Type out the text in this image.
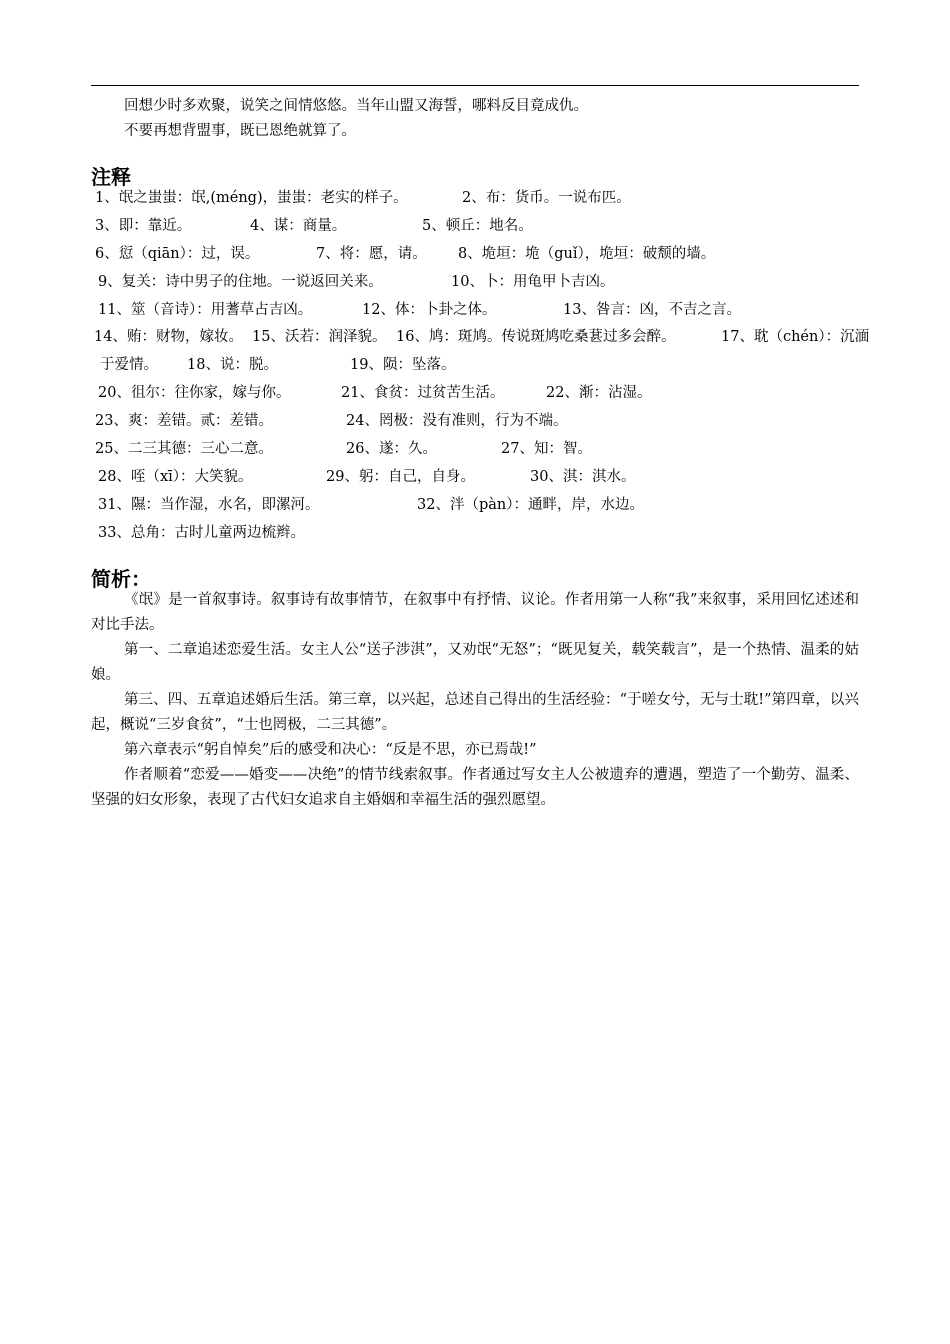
回想少时多欢聚，说笑之间情悠悠。当年山盟又海誓，哪料反目竟成仇。

不要再想背盟事，既已恩绝就算了。

注释
1、氓之蚩蚩：氓,(méng)，蚩蚩：老实的样子。	2、布：货币。一说布匹。
3、即：靠近。	4、谋：商量。	5、顿丘：地名。
6、愆（qiān）：过，误。	7、将：愿，请。 8、垝垣：垝（guǐ），垝垣：破颓的墙。
9、复关：诗中男子的住地。一说返回关来。	10、卜：用龟甲卜吉凶。
11、筮（音诗）：用蓍草占吉凶。	12、体：卜卦之体。	13、咎言：凶，不吉之言。
14、贿：财物，嫁妆。 15、沃若：润泽貌。 16、鸠：斑鸠。传说斑鸠吃桑葚过多会醉。	17、耽（chén）：沉湎
于爱情。 18、说：脱。	19、陨：坠落。
20、徂尔：往你家，嫁与你。	21、食贫：过贫苦生活。	22、渐：沾湿。
23、爽：差错。贰：差错。	24、罔极：没有准则，行为不端。
25、二三其德：三心二意。	26、遂：久。	27、知：智。
28、咥（xī）：大笑貌。	29、躬：自己，自身。	30、淇：淇水。
31、隰：当作湿，水名，即漯河。	32、泮（pàn）：通畔，岸，水边。
33、总角：古时儿童两边梳辫。
简析：

《氓》是一首叙事诗。叙事诗有故事情节，在叙事中有抒情、议论。作者用第一人称“我”来叙事，采用回忆述述和对比手法。

第一、二章追述恋爱生活。女主人公“送子涉淇”，又劝氓“无怒”；“既见复关，载笑载言”，是一个热情、温柔的姑娘。

第三、四、五章追述婚后生活。第三章，以兴起，总述自己得出的生活经验：“于嗟女兮，无与士耽!”第四章，以兴起，概说“三岁食贫”，“士也罔极，二三其德”。

第六章表示“躬自悼矣”后的感受和决心：“反是不思，亦已焉哉!”

作者顺着“恋爱——婚变——决绝”的情节线索叙事。作者通过写女主人公被遗弃的遭遇，塑造了一个勤劳、温柔、坚强的妇女形象，表现了古代妇女追求自主婚姻和幸福生活的强烈愿望。
